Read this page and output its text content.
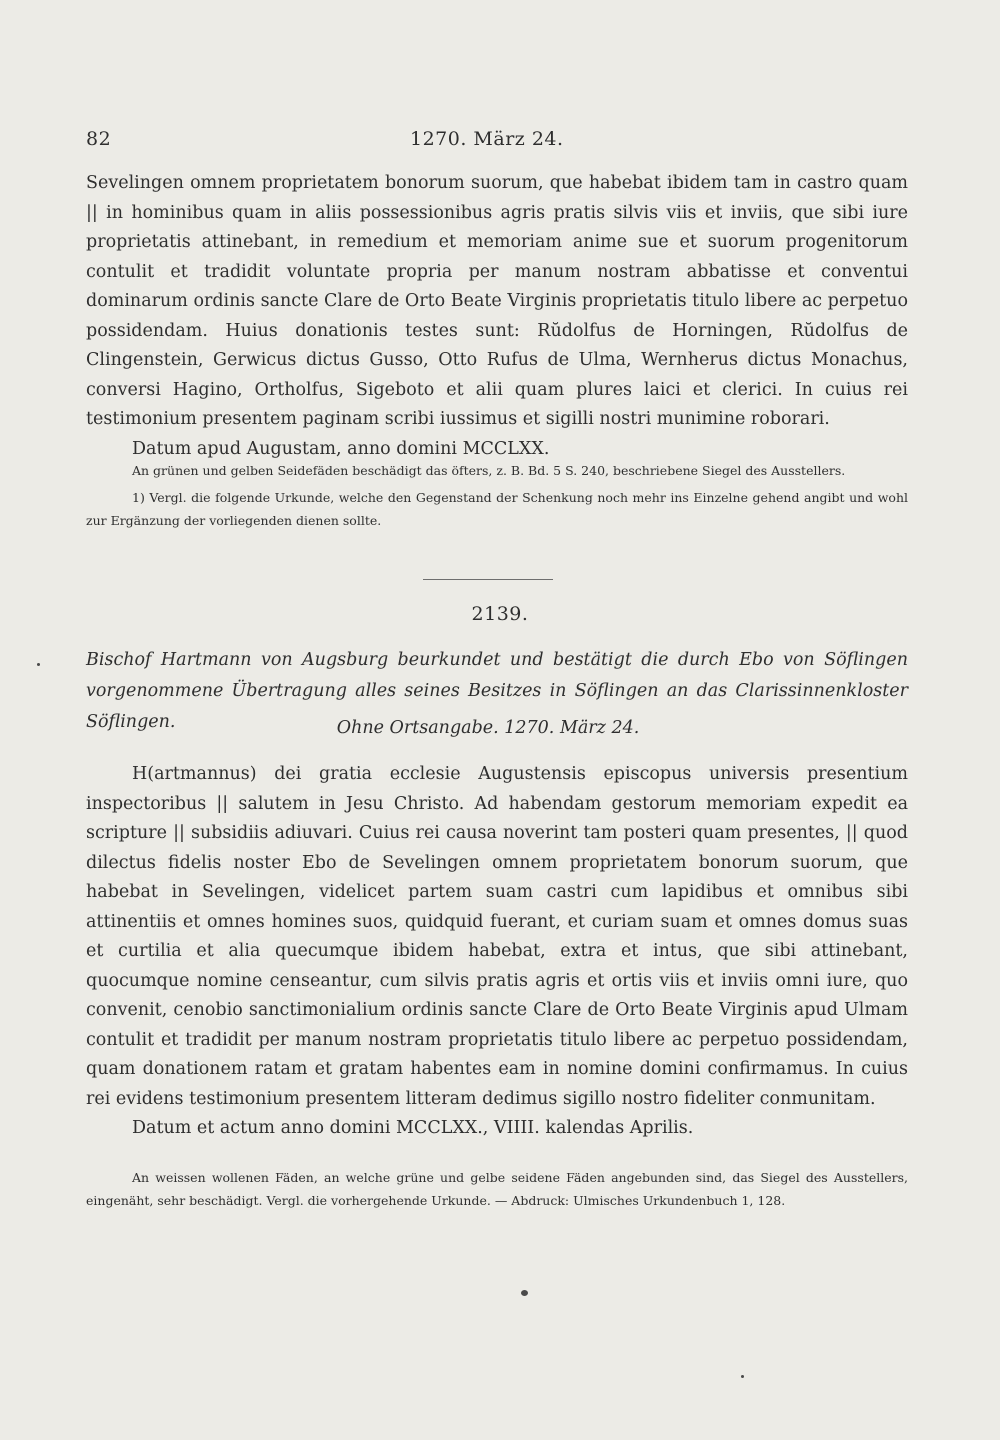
82	1270. März 24.

Sevelingen omnem proprietatem bonorum suorum, que habebat ibidem tam in castro quam || in hominibus quam in aliis possessionibus agris pratis silvis viis et inviis, que sibi iure proprietatis attinebant, in remedium et memoriam anime sue et suorum progenitorum contulit et tradidit voluntate propria per manum nostram abbatisse et conventui dominarum ordinis sancte Clare de Orto Beate Virginis proprietatis titulo libere ac perpetuo possidendam. Huius donationis testes sunt: Rŭdolfus de Horningen, Rŭdolfus de Clingenstein, Gerwicus dictus Gusso, Otto Rufus de Ulma, Wernherus dictus Monachus, conversi Hagino, Ortholfus, Sigeboto et alii quam plures laici et clerici. In cuius rei testimonium presentem paginam scribi iussimus et sigilli nostri munimine roborari.

Datum apud Augustam, anno domini MCCLXX.

An grünen und gelben Seidefäden beschädigt das öfters, z. B. Bd. 5 S. 240, beschriebene Siegel des Ausstellers.

1) Vergl. die folgende Urkunde, welche den Gegenstand der Schenkung noch mehr ins Einzelne gehend angibt und wohl zur Ergänzung der vorliegenden dienen sollte.

2139.
Bischof Hartmann von Augsburg beurkundet und bestätigt die durch Ebo von Söflingen vorgenommene Übertragung alles seines Besitzes in Söflingen an das Clarissinnenkloster Söflingen.	Ohne Ortsangabe. 1270. März 24.

H(artmannus) dei gratia ecclesie Augustensis episcopus universis presentium inspectoribus || salutem in Jesu Christo. Ad habendam gestorum memoriam expedit ea scripture || subsidiis adiuvari. Cuius rei causa noverint tam posteri quam presentes, || quod dilectus fidelis noster Ebo de Sevelingen omnem proprietatem bonorum suorum, que habebat in Sevelingen, videlicet partem suam castri cum lapidibus et omnibus sibi attinentiis et omnes homines suos, quidquid fuerant, et curiam suam et omnes domus suas et curtilia et alia quecumque ibidem habebat, extra et intus, que sibi attinebant, quocumque nomine censeantur, cum silvis pratis agris et ortis viis et inviis omni iure, quo convenit, cenobio sanctimonialium ordinis sancte Clare de Orto Beate Virginis apud Ulmam contulit et tradidit per manum nostram proprietatis titulo libere ac perpetuo possidendam, quam donationem ratam et gratam habentes eam in nomine domini confirmamus. In cuius rei evidens testimonium presentem litteram dedimus sigillo nostro fideliter conmunitam.

Datum et actum anno domini MCCLXX., VIIII. kalendas Aprilis.

An weissen wollenen Fäden, an welche grüne und gelbe seidene Fäden angebunden sind, das Siegel des Ausstellers, eingenäht, sehr beschädigt. Vergl. die vorhergehende Urkunde. — Abdruck: Ulmisches Urkundenbuch 1, 128.
